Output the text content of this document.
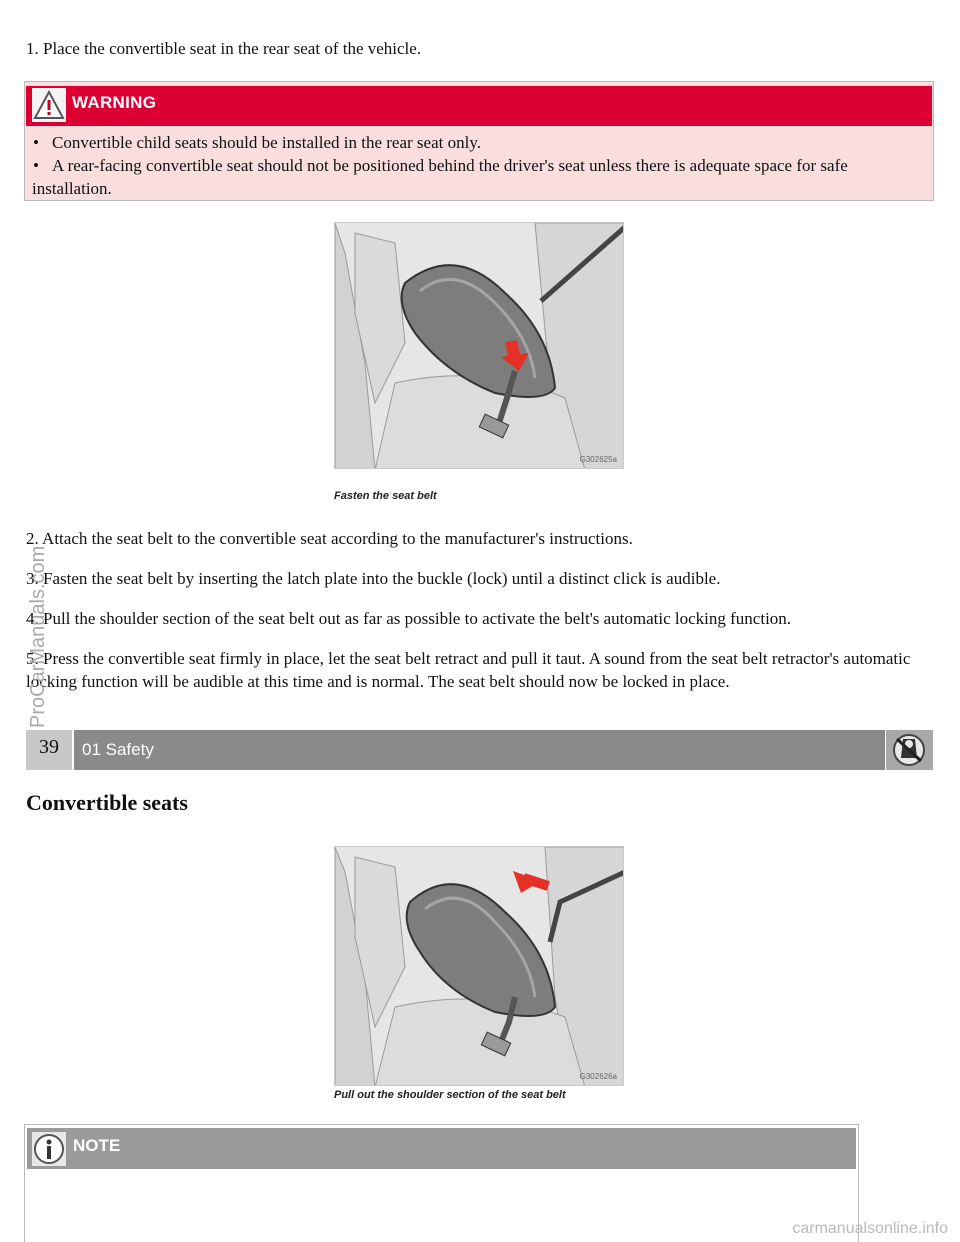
1. Place the convertible seat in the rear seat of the vehicle.

WARNING
• Convertible child seats should be installed in the rear seat only.
• A rear-facing convertible seat should not be positioned behind the driver's seat unless there is adequate space for safe installation.
G302625a
Fasten the seat belt

2. Attach the seat belt to the convertible seat according to the manufacturer's instructions.

3. Fasten the seat belt by inserting the latch plate into the buckle (lock) until a distinct click is audible.

4. Pull the shoulder section of the seat belt out as far as possible to activate the belt's automatic locking function.

5. Press the convertible seat firmly in place, let the seat belt retract and pull it taut. A sound from the seat belt retractor's automatic locking function will be audible at this time and is normal. The seat belt should now be locked in place.

39	01 Safety
Convertible seats
G302626a
Pull out the shoulder section of the seat belt
NOTE
ProCarManuals.com
carmanualsonline.info
